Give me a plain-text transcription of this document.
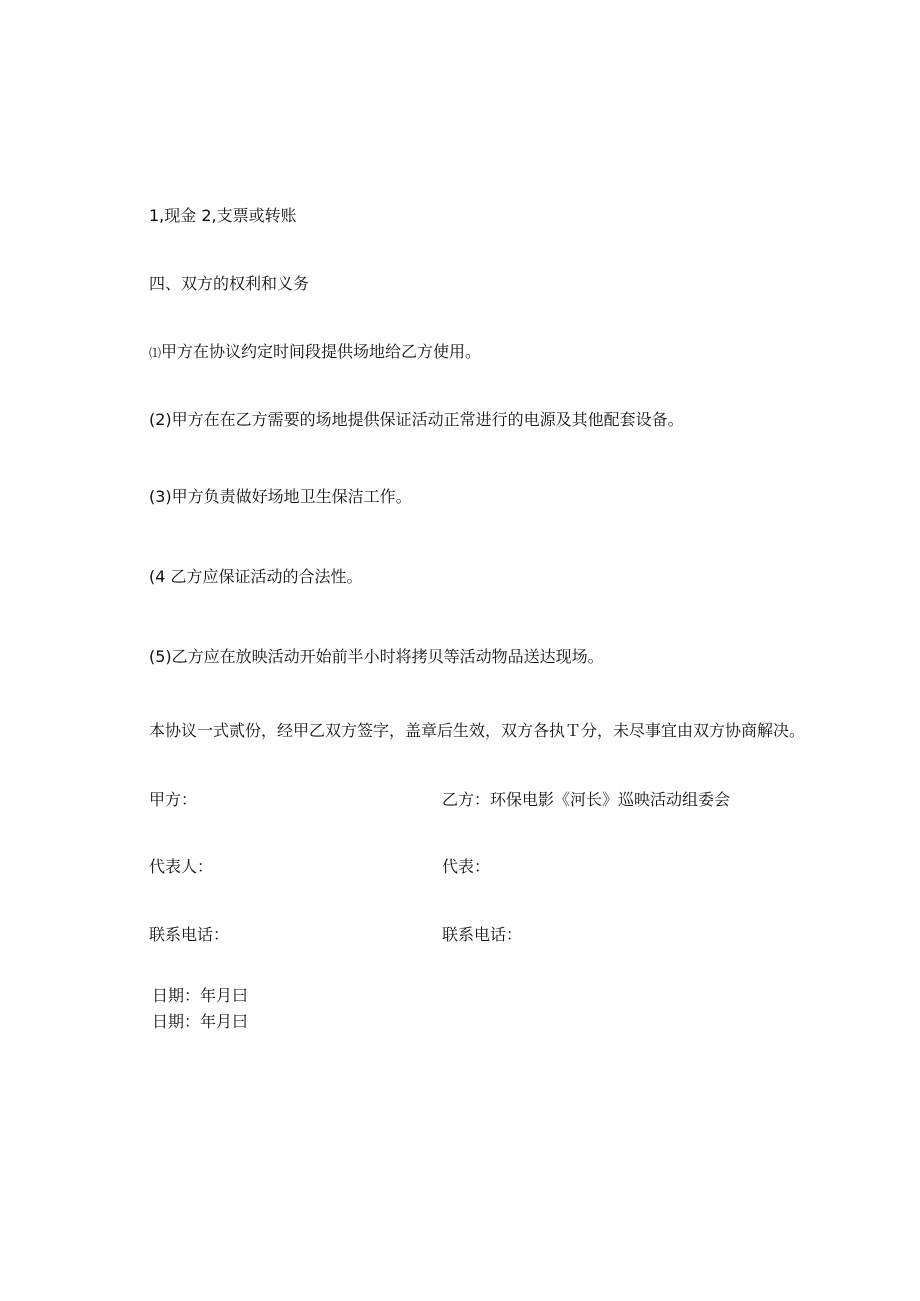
1,现金 2,支票或转账
四、双方的权利和义务
⑴甲方在协议约定时间段提供场地给乙方使用。
(2)甲方在在乙方需要的场地提供保证活动正常进行的电源及其他配套设备。
(3)甲方负责做好场地卫生保洁工作。
(4 乙方应保证活动的合法性。
(5)乙方应在放映活动开始前半小时将拷贝等活动物品送达现场。
本协议一式贰份，经甲乙双方签字，盖章后生效，双方各执Ｔ分，未尽事宜由双方协商解决。
甲方：	乙方：环保电影《河长》巡映活动组委会
代表人：	代表：
联系电话：	联系电话：
日期：年月曰
日期：年月曰
